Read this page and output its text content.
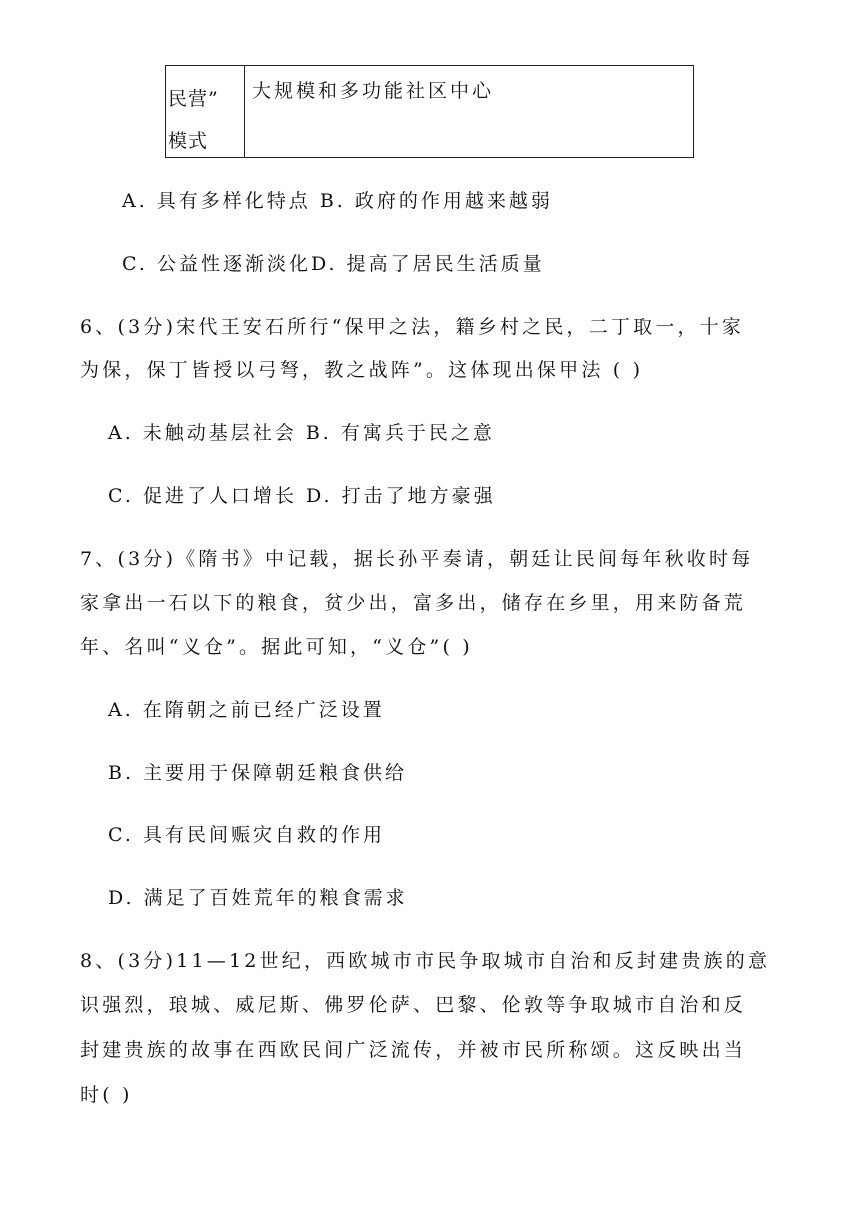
民营”
模式
大规模和多功能社区中心
A. 具有多样化特点 B. 政府的作用越来越弱
C. 公益性逐渐淡化D. 提高了居民生活质量
6、(3分)宋代王安石所行“保甲之法，籍乡村之民，二丁取一，十家
为保，保丁皆授以弓弩，教之战阵”。这体现出保甲法 ( )
A. 未触动基层社会 B. 有寓兵于民之意
C. 促进了人口增长 D. 打击了地方豪强
7、(3分)《隋书》中记载，据长孙平奏请，朝廷让民间每年秋收时每
家拿出一石以下的粮食，贫少出，富多出，储存在乡里，用来防备荒
年、名叫“义仓”。据此可知，“义仓”( )
A. 在隋朝之前已经广泛设置
B. 主要用于保障朝廷粮食供给
C. 具有民间赈灾自救的作用
D. 满足了百姓荒年的粮食需求
8、(3分)11—12世纪，西欧城市市民争取城市自治和反封建贵族的意
识强烈，琅城、威尼斯、佛罗伦萨、巴黎、伦敦等争取城市自治和反
封建贵族的故事在西欧民间广泛流传，并被市民所称颂。这反映出当
时( )
